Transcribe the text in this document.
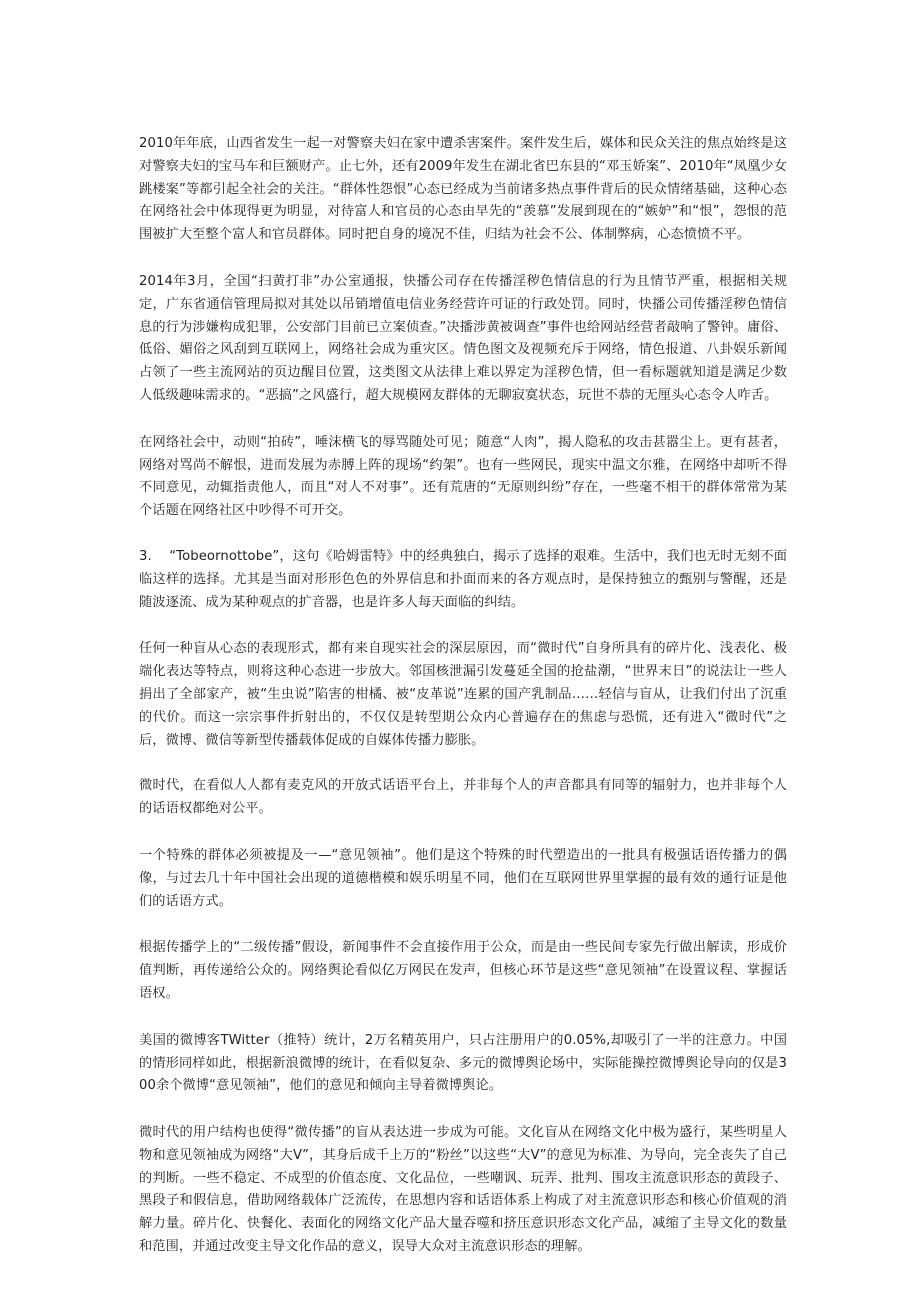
2010年年底，山西省发生一起一对警察夫妇在家中遭杀害案件。案件发生后，媒体和民众关注的焦点始终是这对警察夫妇的宝马车和巨额财产。止七外，还有2009年发生在湖北省巴东县的“邓玉娇案”、2010年“凤凰少女跳楼案”等都引起全社会的关注。“群体性怨恨”心态已经成为当前诸多热点事件背后的民众情绪基础，这种心态在网络社会中体现得更为明显，对待富人和官员的心态由早先的“羡慕”发展到现在的“嫉妒”和“恨”，怨恨的范围被扩大至整个富人和官员群体。同时把自身的境况不佳，归结为社会不公、体制弊病，心态愤愤不平。

2014年3月，全国“扫黄打非”办公室通报，快播公司存在传播淫秽色情信息的行为且情节严重，根据相关规定，广东省通信管理局拟对其处以吊销增值电信业务经营许可证的行政处罚。同时，快播公司传播淫秽色情信息的行为涉嫌构成犯罪，公安部门目前已立案侦查。”决播涉黄被调查”事件也给网站经营者敲响了警钟。庸俗、低俗、媚俗之风刮到互联网上，网络社会成为重灾区。情色图文及视频充斥于网络，情色报道、八卦娱乐新闻占领了一些主流网站的页边醒目位置，这类图文从法律上难以界定为淫秽色情，但一看标题就知道是满足少数人低级趣味需求的。“恶搞”之风盛行，超大规模网友群体的无聊寂寞状态，玩世不恭的无厘头心态令人咋舌。

在网络社会中，动则“拍砖”，唾沫横飞的辱骂随处可见；随意“人肉”，揭人隐私的攻击甚嚣尘上。更有甚者，网络对骂尚不解恨，进而发展为赤膊上阵的现场“约架”。也有一些网民，现实中温文尔雅，在网络中却听不得不同意见，动辄指责他人，而且“对人不对事”。还有荒唐的“无原则纠纷”存在，一些毫不相干的群体常常为某个话题在网络社区中吵得不可开交。

3.    “Tobeornottobe”，这句《哈姆雷特》中的经典独白，揭示了选择的艰难。生活中，我们也无时无刻不面临这样的选择。尤其是当面对形形色色的外界信息和扑面而来的各方观点时，是保持独立的甄别与警醒，还是随波逐流、成为某种观点的扩音器，也是许多人每天面临的纠结。

任何一种盲从心态的表现形式，都有来自现实社会的深层原因，而“微时代”自身所具有的碎片化、浅表化、极端化表达等特点，则将这种心态进一步放大。邻国核泄漏引发蔓延全国的抢盐潮，“世界末日”的说法让一些人捐出了全部家产，被“生虫说”陷害的柑橘、被“皮革说”连累的国产乳制品……轻信与盲从，让我们付出了沉重的代价。而这一宗宗事件折射出的，不仅仅是转型期公众内心普遍存在的焦虑与恐慌，还有进入“微时代”之后，微博、微信等新型传播载体促成的自媒体传播力膨胀。

微时代，在看似人人都有麦克风的开放式话语平台上，并非每个人的声音都具有同等的辐射力，也并非每个人的话语权都绝对公平。

一个特殊的群体必须被提及一—“意见领袖”。他们是这个特殊的时代塑造出的一批具有极强话语传播力的偶像，与过去几十年中国社会出现的道德楷模和娱乐明星不同，他们在互联网世界里掌握的最有效的通行证是他们的话语方式。

根据传播学上的“二级传播”假设，新闻事件不会直接作用于公众，而是由一些民间专家先行做出解读，形成价值判断，再传递给公众的。网络舆论看似亿万网民在发声，但核心环节是这些“意见领袖”在设置议程、掌握话语权。

美国的微博客TWitter（推特）统计，2万名精英用户，只占注册用户的0.05%,却吸引了一半的注意力。中国的情形同样如此，根据新浪微博的统计，在看似复杂、多元的微博舆论场中，实际能操控微博舆论导向的仅是300余个微博“意见领袖”，他们的意见和倾向主导着微博舆论。

微时代的用户结构也使得“微传播”的盲从表达进一步成为可能。文化盲从在网络文化中极为盛行，某些明星人物和意见领袖成为网络“大V”，其身后成千上万的“粉丝”以这些“大V”的意见为标准、为导向，完全丧失了自己的判断。一些不稳定、不成型的价值态度、文化品位，一些嘲讽、玩弄、批判、围攻主流意识形态的黄段子、黑段子和假信息，借助网络载体广泛流传，在思想内容和话语体系上构成了对主流意识形态和核心价值观的消解力量。碎片化、快餐化、表面化的网络文化产品大量吞噬和挤压意识形态文化产品，减缩了主导文化的数量和范围，并通过改变主导文化作品的意义，误导大众对主流意识形态的理解。
